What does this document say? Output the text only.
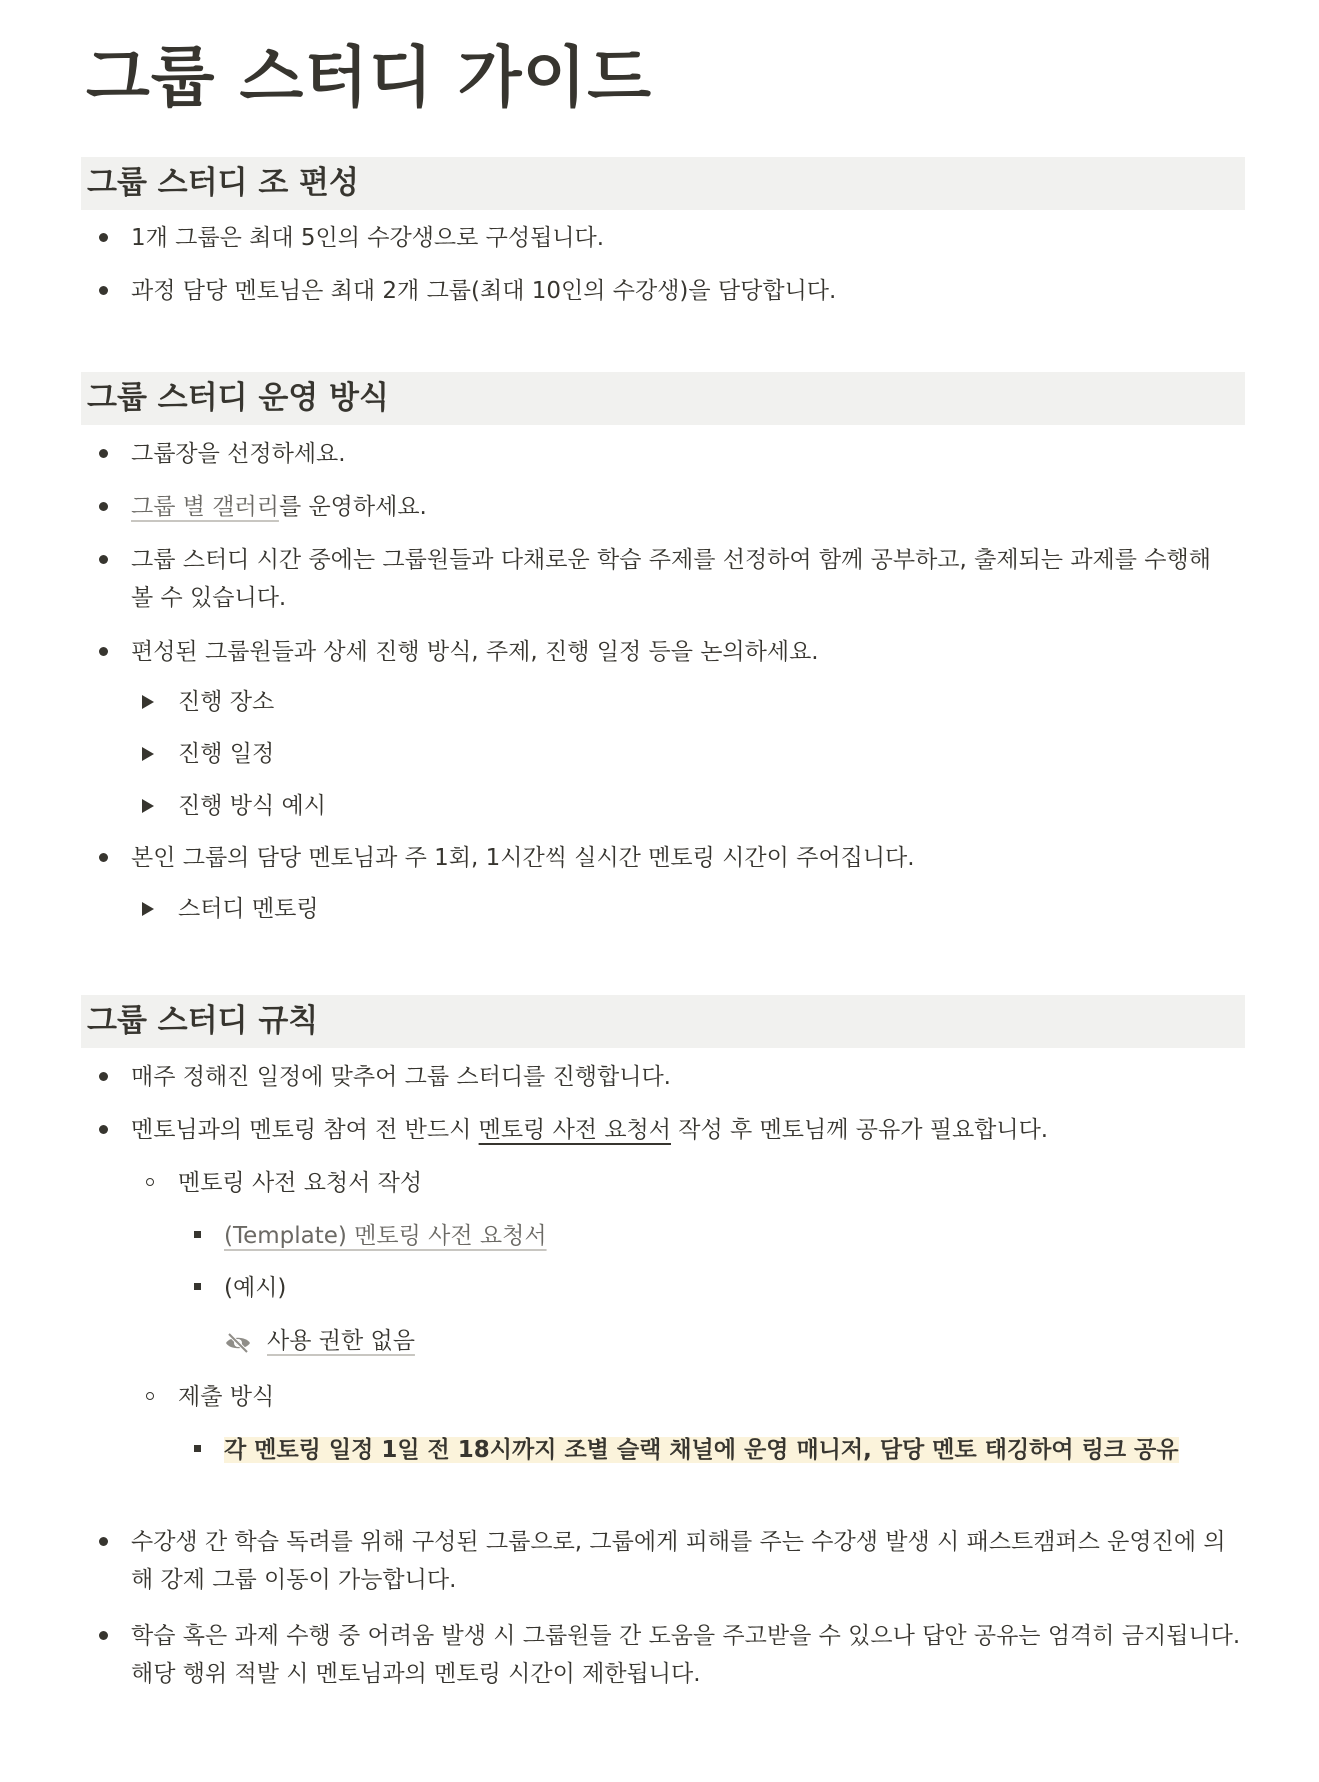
그룹 스터디 가이드
그룹 스터디 조 편성
1개 그룹은 최대 5인의 수강생으로 구성됩니다.
과정 담당 멘토님은 최대 2개 그룹(최대 10인의 수강생)을 담당합니다.
그룹 스터디 운영 방식
그룹장을 선정하세요.
그룹 별 갤러리를 운영하세요.
그룹 스터디 시간 중에는 그룹원들과 다채로운 학습 주제를 선정하여 함께 공부하고, 출제되는 과제를 수행해 볼 수 있습니다.
편성된 그룹원들과 상세 진행 방식, 주제, 진행 일정 등을 논의하세요.
진행 장소
진행 일정
진행 방식 예시
본인 그룹의 담당 멘토님과 주 1회, 1시간씩 실시간 멘토링 시간이 주어집니다.
스터디 멘토링
그룹 스터디 규칙
매주 정해진 일정에 맞추어 그룹 스터디를 진행합니다.
멘토님과의 멘토링 참여 전 반드시 멘토링 사전 요청서 작성 후 멘토님께 공유가 필요합니다.
멘토링 사전 요청서 작성
(Template) 멘토링 사전 요청서
(예시)
사용 권한 없음
제출 방식
각 멘토링 일정 1일 전 18시까지 조별 슬랙 채널에 운영 매니저, 담당 멘토 태깅하여 링크 공유
수강생 간 학습 독려를 위해 구성된 그룹으로, 그룹에게 피해를 주는 수강생 발생 시 패스트캠퍼스 운영진에 의해 강제 그룹 이동이 가능합니다.
학습 혹은 과제 수행 중 어려움 발생 시 그룹원들 간 도움을 주고받을 수 있으나 답안 공유는 엄격히 금지됩니다. 해당 행위 적발 시 멘토님과의 멘토링 시간이 제한됩니다.
